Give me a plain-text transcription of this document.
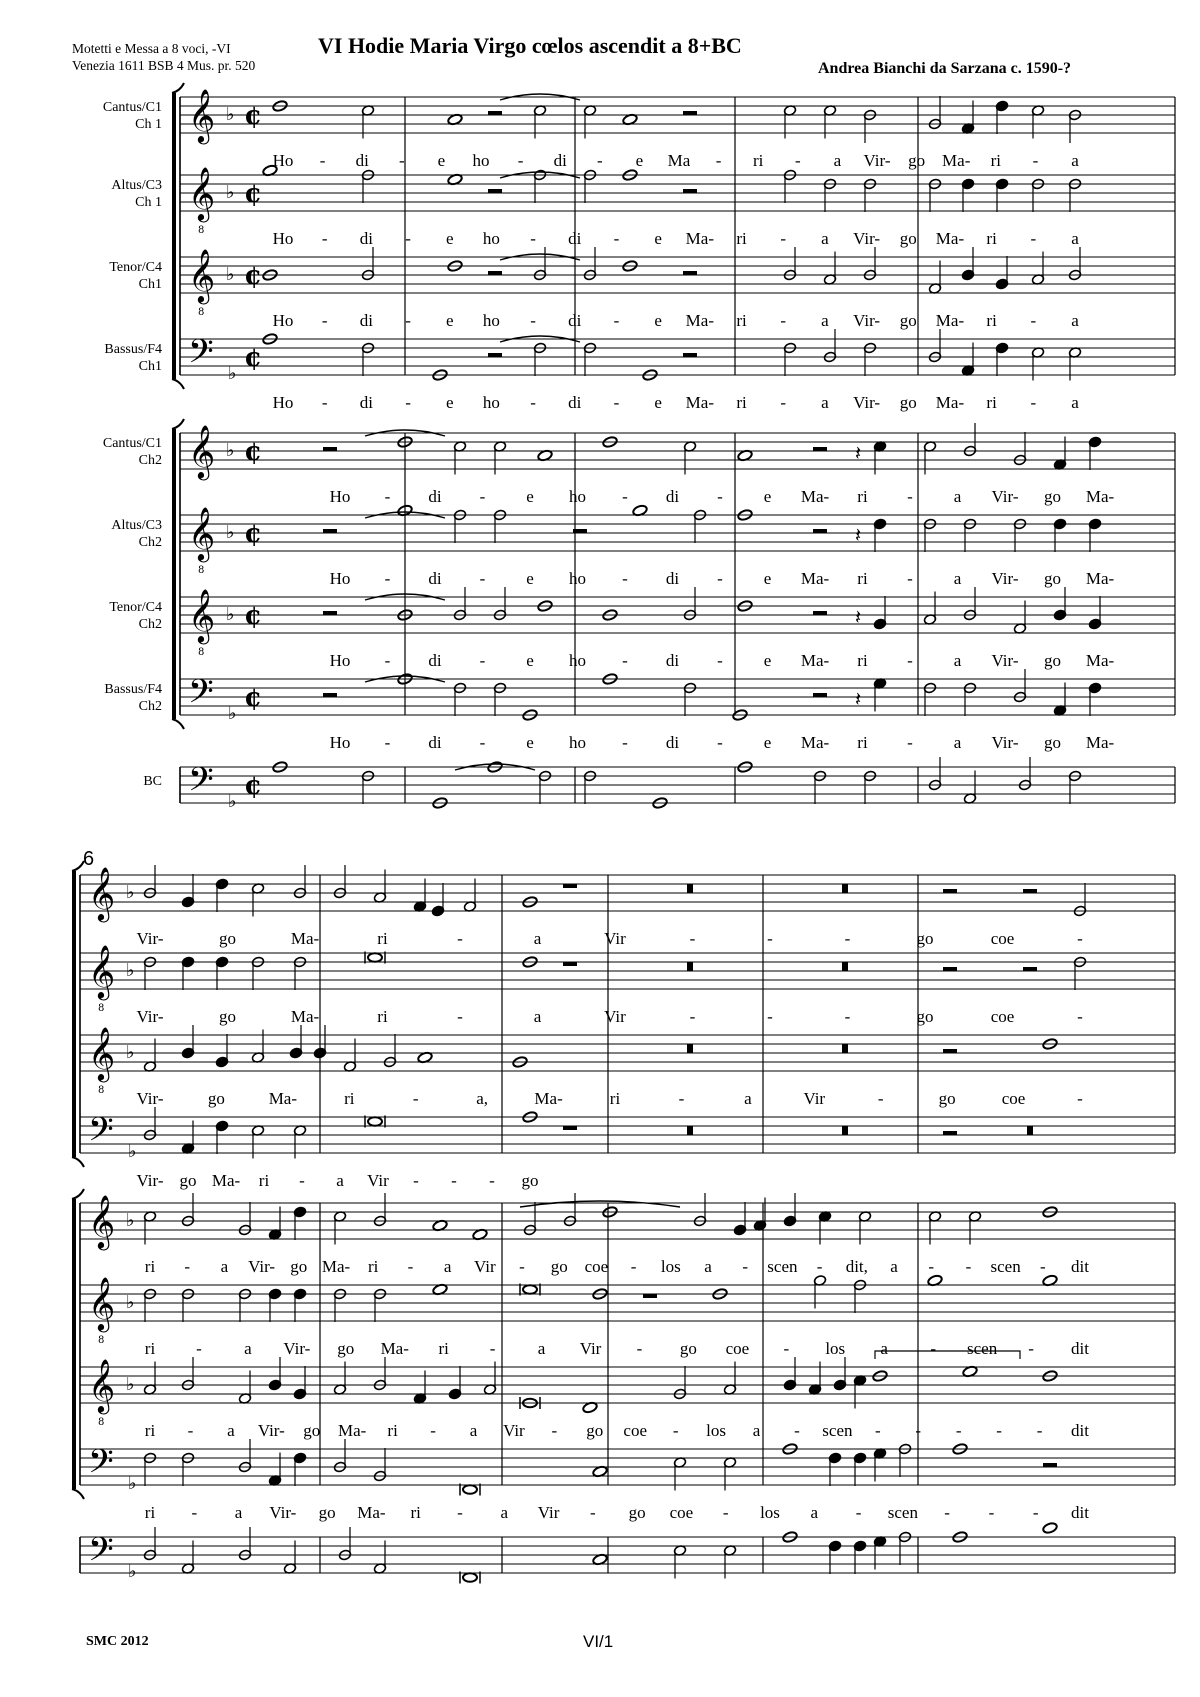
Motetti e Messa a 8 voci, -VI
Venezia 1611 BSB 4 Mus. pr. 520
VI Hodie Maria Virgo cœlos ascendit a 8+BC
Andrea Bianchi da Sarzana c. 1590-?
𝄞 ♭ ¢
𝄞
8
♭ ¢
𝄞
8
♭ ¢
𝄢 ♭
¢
𝄞 ♭ ¢
𝄞
8
♭ ¢
𝄞
8
♭ ¢
𝄢 ♭
¢
𝄢 ♭
¢
𝄞 ♭
𝄞
8
♭
𝄞
8
♭
𝄢 ♭
𝄞 ♭
𝄞
8
♭
𝄞
8
♭
𝄢 ♭
𝄢 ♭
𝄽
𝄽
𝄽
𝄽
Ho - di - e ho - di - e Ma - ri - a Vir- go Ma- ri - a
Ho - di - e ho - di - e Ma- ri - a Vir- go Ma- ri - a
Ho - di - e ho - di - e Ma- ri - a Vir- go Ma- ri - a
Ho - di - e ho - di - e Ma- ri - a Vir- go Ma- ri - a
Ho - di - e ho - di - e Ma- ri - a Vir- go Ma-
Ho - di - e ho - di - e Ma- ri - a Vir- go Ma-
Ho - di - e ho - di - e Ma- ri - a Vir- go Ma-
Ho - di - e ho - di - e Ma- ri - a Vir- go Ma-
Vir-	go	Ma-	ri	-	a	Vir	-	-	-	go	coe	-
Vir-	go	Ma-	ri	-	a	Vir	-	-	-	go	coe	-
Vir-	go	Ma-	ri	-	a,	Ma-	ri	-	a	Vir	-	go	coe	-
Vir- go Ma- ri - a Vir - - - go
ri - a Vir- go Ma- ri - a Vir - go coe - los a - scen - dit, a - - scen - dit
ri - a Vir- go Ma- ri - a Vir - go coe - los a - scen - dit
ri - a Vir- go Ma- ri - a Vir - go coe - los a - scen - - - - - dit
ri - a Vir- go Ma- ri - a Vir - go coe - los a - scen - - - dit
Cantus/C1
Ch 1
Altus/C3
Ch 1
Tenor/C4
Ch1
Bassus/F4
Ch1
Cantus/C1
Ch2
Altus/C3
Ch2
Tenor/C4
Ch2
Bassus/F4
Ch2
BC
6
SMC 2012	VI/1
